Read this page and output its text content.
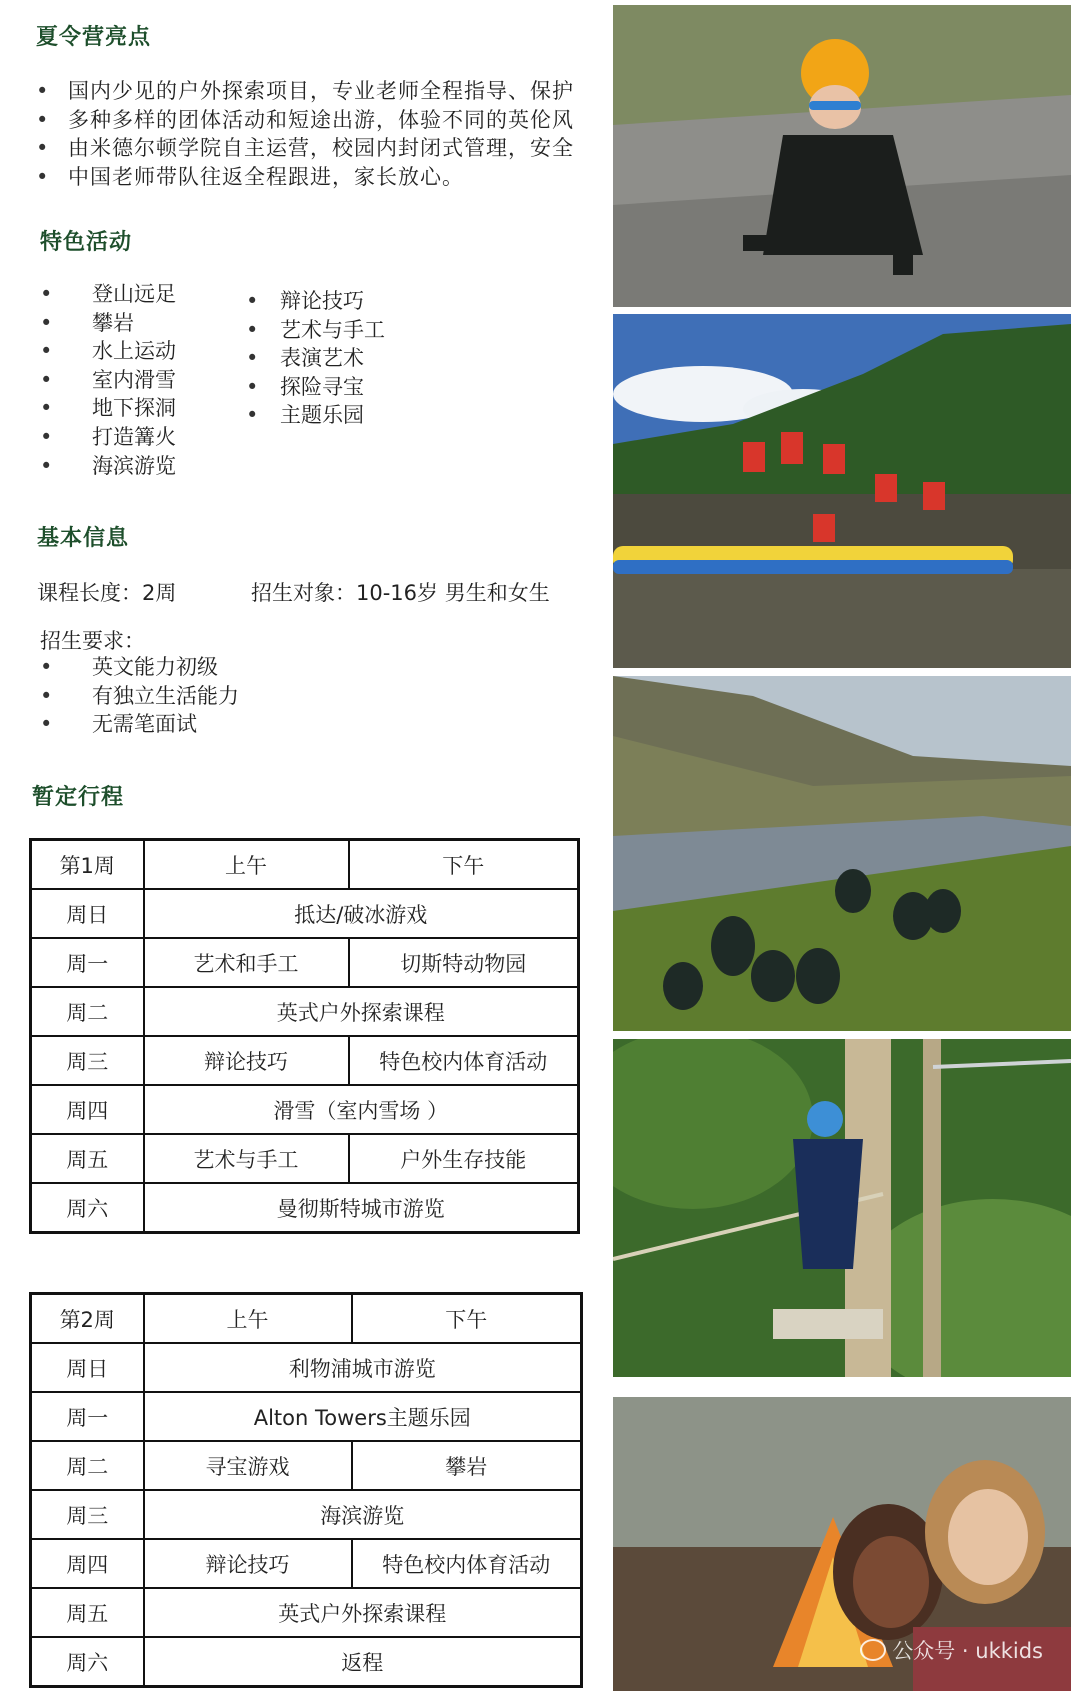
夏令营亮点
• 国内少见的户外探索项目，专业老师全程指导、保护
• 多种多样的团体活动和短途出游，体验不同的英伦风
• 由米德尔顿学院自主运营，校园内封闭式管理，安全
• 中国老师带队往返全程跟进，家长放心。
特色活动
• 登山远足
• 攀岩
• 水上运动
• 室内滑雪
• 地下探洞
• 打造篝火
• 海滨游览
• 辩论技巧
• 艺术与手工
• 表演艺术
• 探险寻宝
• 主题乐园
基本信息
课程长度：2周	招生对象：10-16岁 男生和女生
招生要求：
• 英文能力初级
• 有独立生活能力
• 无需笔面试
暂定行程
第1周	上午	下午
周日	抵达/破冰游戏	
周一	艺术和手工	切斯特动物园
周二	英式户外探索课程	
周三	辩论技巧	特色校内体育活动
周四	滑雪（室内雪场 ）	
周五	艺术与手工	户外生存技能
周六	曼彻斯特城市游览	
第2周	上午	下午
周日	利物浦城市游览	
周一	Alton Towers主题乐园	
周二	寻宝游戏	攀岩
周三	海滨游览	
周四	辩论技巧	特色校内体育活动
周五	英式户外探索课程	
周六	返程		公众号 · ukkids
